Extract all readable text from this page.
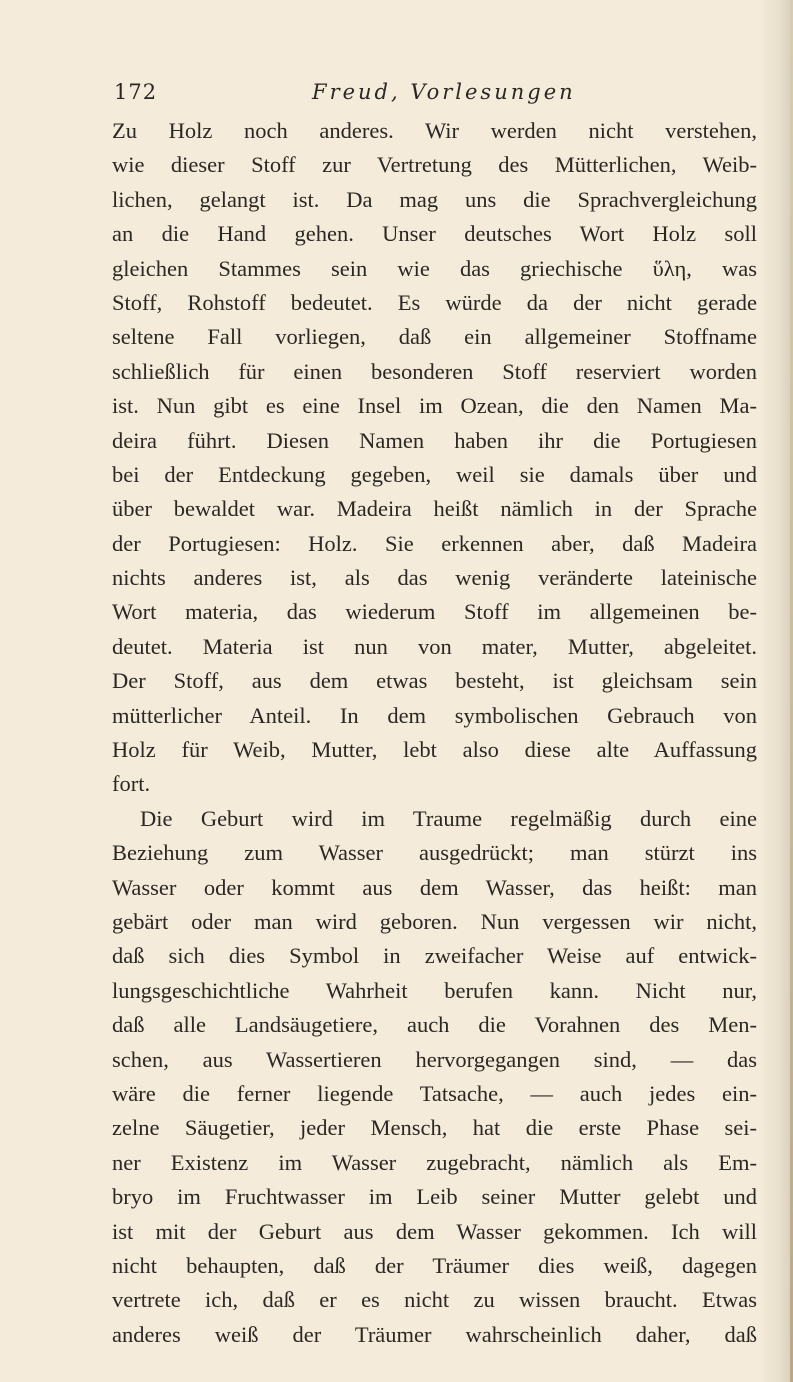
172	Freud, Vorlesungen
Zu Holz noch anderes. Wir werden nicht verstehen,
wie dieser Stoff zur Vertretung des Mütterlichen, Weib-
lichen, gelangt ist. Da mag uns die Sprachvergleichung
an die Hand gehen. Unser deutsches Wort Holz soll
gleichen Stammes sein wie das griechische ὕλη, was
Stoff, Rohstoff bedeutet. Es würde da der nicht gerade
seltene Fall vorliegen, daß ein allgemeiner Stoffname
schließlich für einen besonderen Stoff reserviert worden
ist. Nun gibt es eine Insel im Ozean, die den Namen Ma-
deira führt. Diesen Namen haben ihr die Portugiesen
bei der Entdeckung gegeben, weil sie damals über und
über bewaldet war. Madeira heißt nämlich in der Sprache
der Portugiesen: Holz. Sie erkennen aber, daß Madeira
nichts anderes ist, als das wenig veränderte lateinische
Wort materia, das wiederum Stoff im allgemeinen be-
deutet. Materia ist nun von mater, Mutter, abgeleitet.
Der Stoff, aus dem etwas besteht, ist gleichsam sein
mütterlicher Anteil. In dem symbolischen Gebrauch von
Holz für Weib, Mutter, lebt also diese alte Auffassung
fort.
Die Geburt wird im Traume regelmäßig durch eine
Beziehung zum Wasser ausgedrückt; man stürzt ins
Wasser oder kommt aus dem Wasser, das heißt: man
gebärt oder man wird geboren. Nun vergessen wir nicht,
daß sich dies Symbol in zweifacher Weise auf entwick-
lungsgeschichtliche Wahrheit berufen kann. Nicht nur,
daß alle Landsäugetiere, auch die Vorahnen des Men-
schen, aus Wassertieren hervorgegangen sind, — das
wäre die ferner liegende Tatsache, — auch jedes ein-
zelne Säugetier, jeder Mensch, hat die erste Phase sei-
ner Existenz im Wasser zugebracht, nämlich als Em-
bryo im Fruchtwasser im Leib seiner Mutter gelebt und
ist mit der Geburt aus dem Wasser gekommen. Ich will
nicht behaupten, daß der Träumer dies weiß, dagegen
vertrete ich, daß er es nicht zu wissen braucht. Etwas
anderes weiß der Träumer wahrscheinlich daher, daß
